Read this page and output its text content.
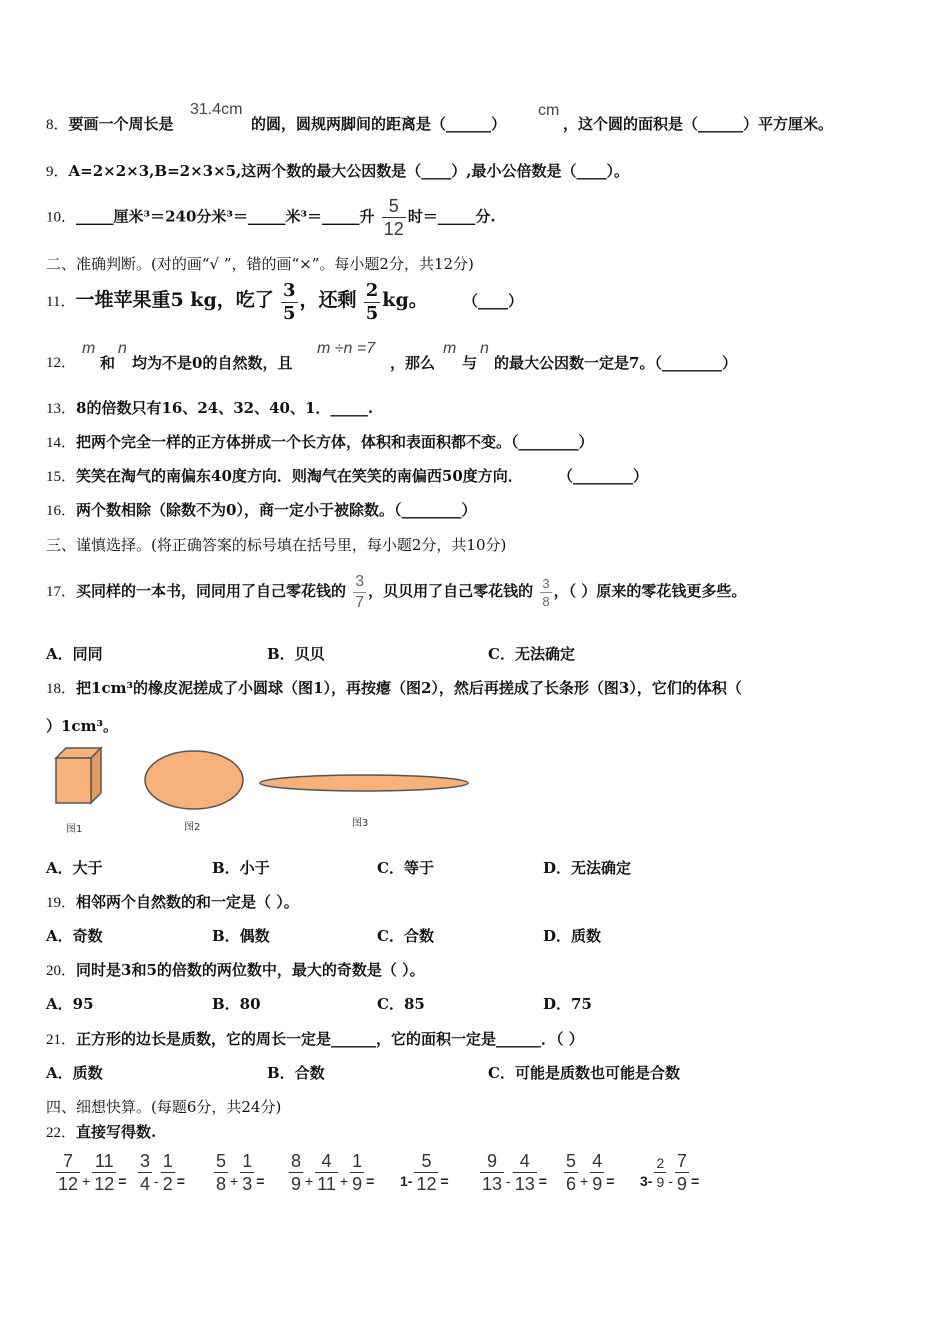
8．要画一个周长是
31.4cm
的圆，圆规两脚间的距离是（______）
cm
，这个圆的面积是（______）平方厘米。
9．A=2×2×3,B=2×3×5,这两个数的最大公因数是（____）,最小公倍数是（____）。
10．_____厘米³＝240分米³＝_____米³＝_____升 $\frac{5}{12}$ 时＝_____分.
二、准确判断。(对的画“√ ”，错的画“×”。每小题2分，共12分)
11．一堆苹果重5 kg，吃了 $\frac{3}{5}$ ，还剩 $\frac{2}{5}$ kg。 （____）
12．
m
和
n
均为不是0的自然数，且
m ÷n =7
，那么
m
与
n
的最大公因数一定是7。（________）
13．8的倍数只有16、24、32、40、1．_____.
14．把两个完全一样的正方体拼成一个长方体，体积和表面积都不变。（________）
15．笑笑在淘气的南偏东40度方向．则淘气在笑笑的南偏西50度方向． （________）
16．两个数相除（除数不为0），商一定小于被除数。（________）
三、谨慎选择。(将正确答案的标号填在括号里，每小题2分，共10分)
17．买同样的一本书，同同用了自己零花钱的 $\frac{3}{7}$ ，贝贝用了自己零花钱的 $\frac{3}{8}$ ，（ ）原来的零花钱更多些。
A．同同	B．贝贝	C．无法确定
18．把1cm³的橡皮泥搓成了小圆球（图1），再按瘪（图2），然后再搓成了长条形（图3），它们的体积（
）1cm³。
图1	图2	图3
A．大于	B．小于	C．等于	D．无法确定
19．相邻两个自然数的和一定是（ ）。
A．奇数	B．偶数	C．合数	D．质数
20．同时是3和5的倍数的两位数中，最大的奇数是（ ）。
A．95	B．80	C．85	D．75
21．正方形的边长是质数，它的周长一定是______，它的面积一定是______．（ ）
A．质数	B．合数	C．可能是质数也可能是合数
四、细想快算。(每题6分，共24分)
22．直接写得数.
$\frac{7}{12} + \frac{11}{12} = \frac{3}{4} - \frac{1}{2} = \frac{5}{8} + \frac{1}{3} = \frac{8}{9} + \frac{4}{11} + \frac{1}{9} = 1- \frac{5}{12} = \frac{9}{13} - \frac{4}{13} = \frac{5}{6} + \frac{4}{9} = 3- \frac{2}{9} - \frac{7}{9}$ =
